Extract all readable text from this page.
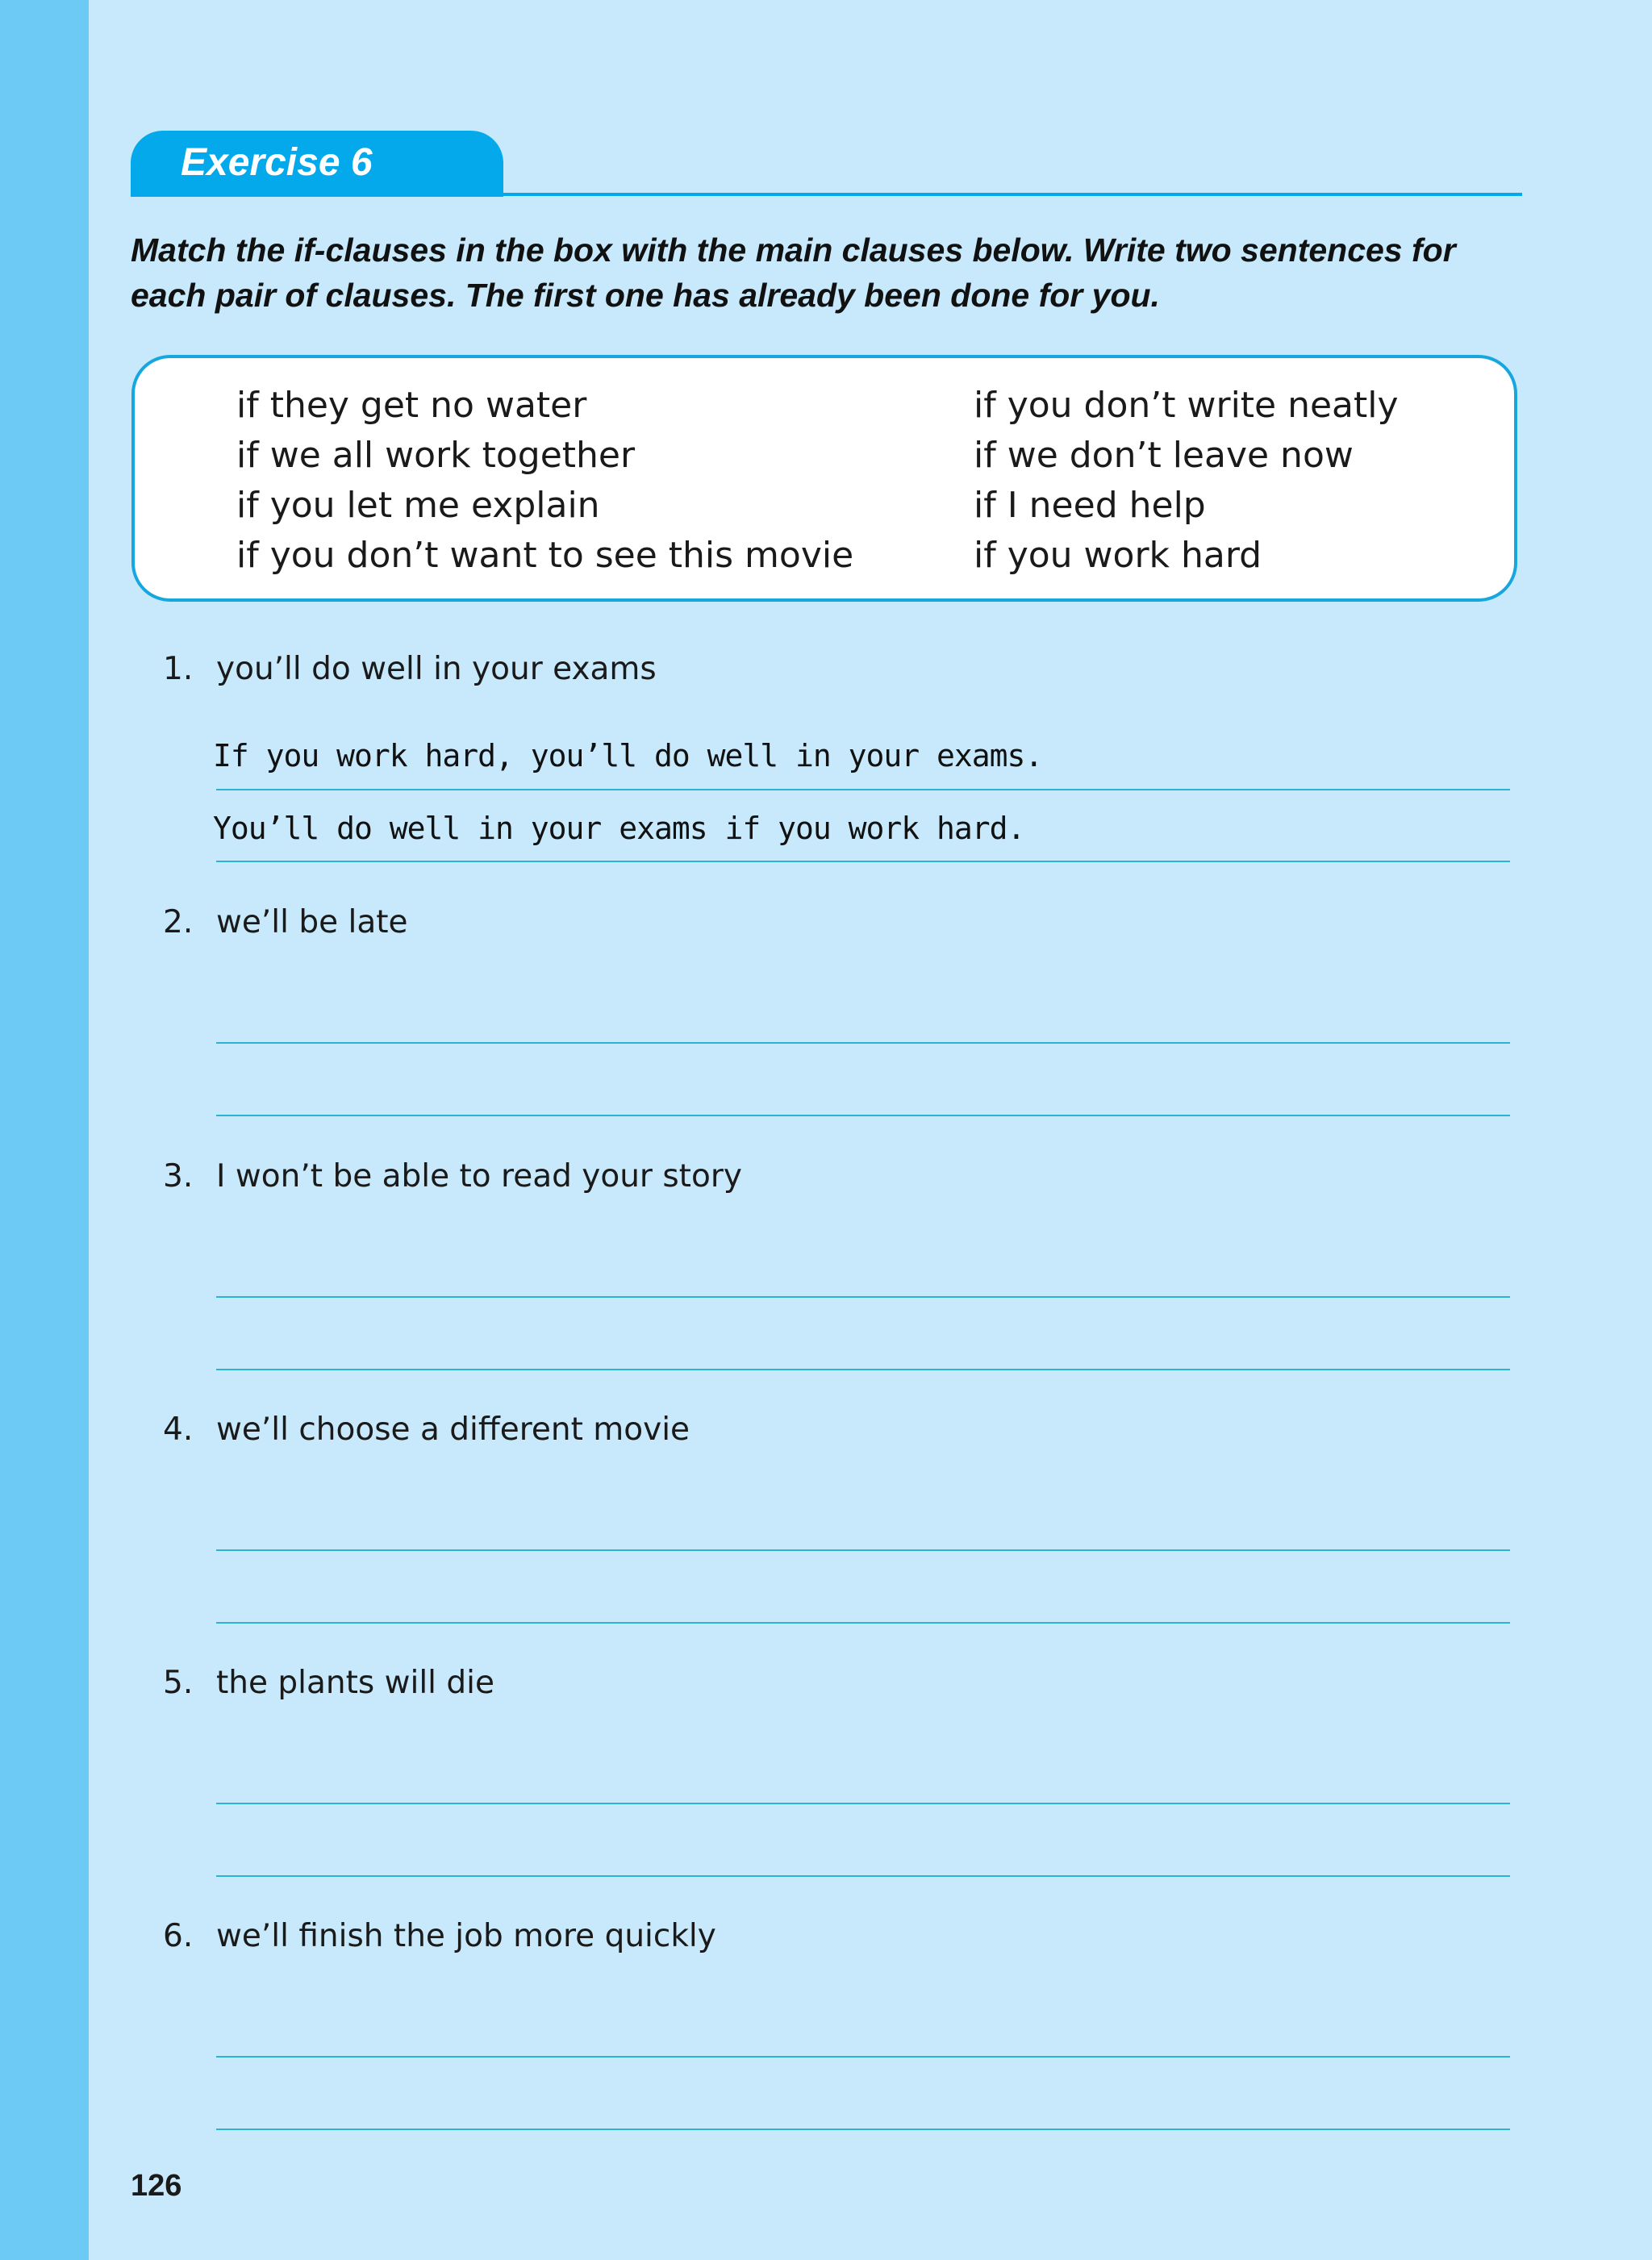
Exercise 6
Match the if-clauses in the box with the main clauses below. Write two sentences for
each pair of clauses. The first one has already been done for you.
if they get no water
if we all work together
if you let me explain
if you don’t want to see this movie
if you don’t write neatly
if we don’t leave now
if I need help
if you work hard
1. you’ll do well in your exams
If you work hard, you’ll do well in your exams.
You’ll do well in your exams if you work hard.
2. we’ll be late
3. I won’t be able to read your story
4. we’ll choose a different movie
5. the plants will die
6. we’ll finish the job more quickly
126
